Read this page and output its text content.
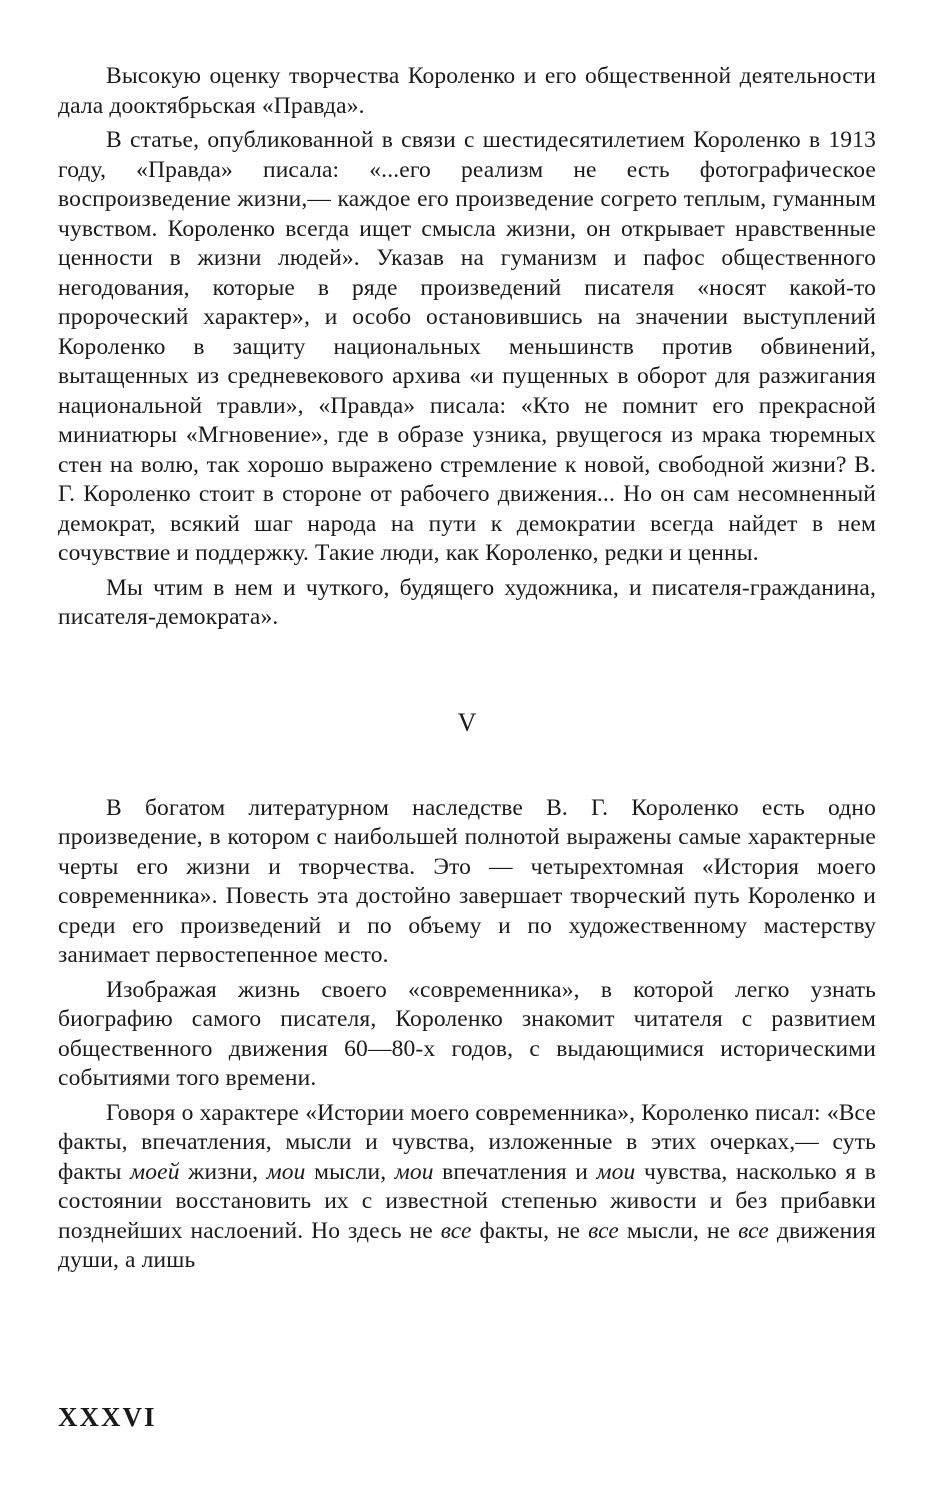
Высокую оценку творчества Короленко и его общественной деятельности дала дооктябрьская «Правда».

В статье, опубликованной в связи с шестидесятилетием Короленко в 1913 году, «Правда» писала: «...его реализм не есть фотографическое воспроизведение жизни,— каждое его произведение согрето теплым, гуманным чувством. Короленко всегда ищет смысла жизни, он открывает нравственные ценности в жизни людей». Указав на гуманизм и пафос общественного негодования, которые в ряде произведений писателя «носят какой-то пророческий характер», и особо остановившись на значении выступлений Короленко в защиту национальных меньшинств против обвинений, вытащенных из средневекового архива «и пущенных в оборот для разжигания национальной травли», «Правда» писала: «Кто не помнит его прекрасной миниатюры «Мгновение», где в образе узника, рвущегося из мрака тюремных стен на волю, так хорошо выражено стремление к новой, свободной жизни? В. Г. Короленко стоит в стороне от рабочего движения... Но он сам несомненный демократ, всякий шаг народа на пути к демократии всегда найдет в нем сочувствие и поддержку. Такие люди, как Короленко, редки и ценны.

Мы чтим в нем и чуткого, будящего художника, и писателя-гражданина, писателя-демократа».

V

В богатом литературном наследстве В. Г. Короленко есть одно произведение, в котором с наибольшей полнотой выражены самые характерные черты его жизни и творчества. Это — четырехтомная «История моего современника». Повесть эта достойно завершает творческий путь Короленко и среди его произведений и по объему и по художественному мастерству занимает первостепенное место.

Изображая жизнь своего «современника», в которой легко узнать биографию самого писателя, Короленко знакомит читателя с развитием общественного движения 60—80-х годов, с выдающимися историческими событиями того времени.

Говоря о характере «Истории моего современника», Короленко писал: «Все факты, впечатления, мысли и чувства, изложенные в этих очерках,— суть факты моей жизни, мои мысли, мои впечатления и мои чувства, насколько я в состоянии восстановить их с известной степенью живости и без прибавки позднейших наслоений. Но здесь не все факты, не все мысли, не все движения души, а лишь

XXXVI
